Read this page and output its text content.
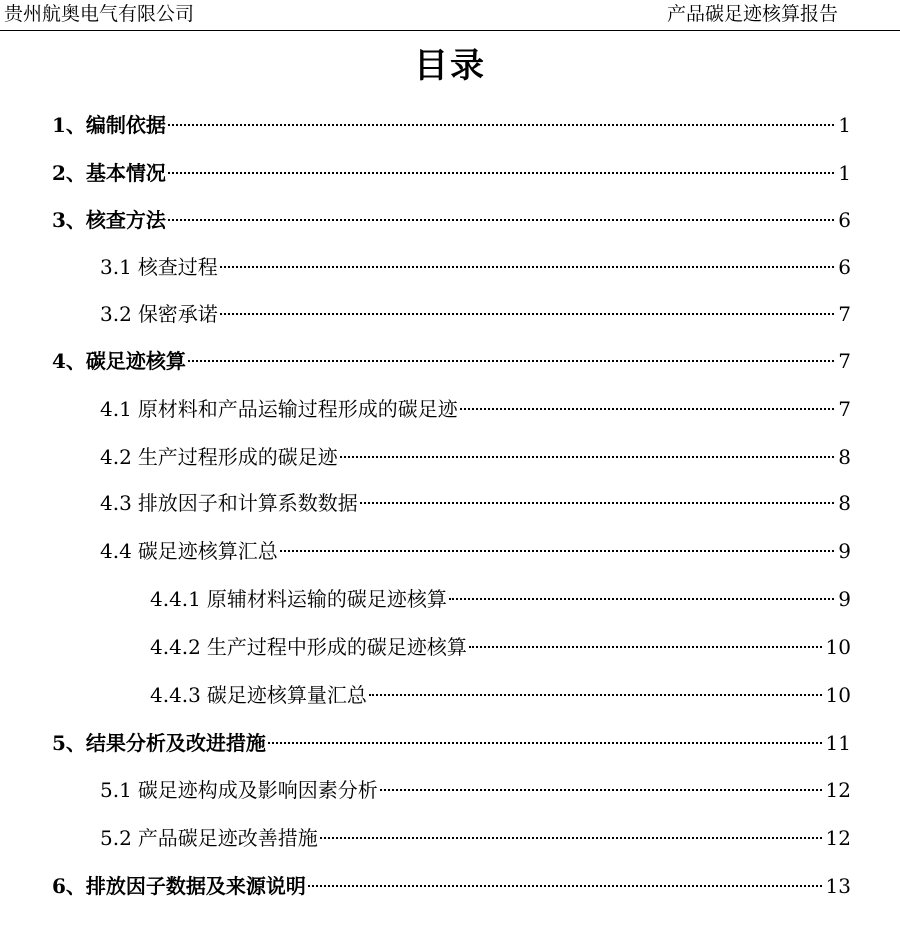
贵州航奥电气有限公司	产品碳足迹核算报告
目录
1、 编制依据	1
2、 基本情况	1
3、 核查方法	6
3.1 核查过程	6
3.2 保密承诺	7
4、 碳足迹核算	7
4.1 原材料和产品运输过程形成的碳足迹	7
4.2 生产过程形成的碳足迹	8
4.3 排放因子和计算系数数据	8
4.4 碳足迹核算汇总	9
4.4.1 原辅材料运输的碳足迹核算	9
4.4.2 生产过程中形成的碳足迹核算	10
4.4.3 碳足迹核算量汇总	10
5、 结果分析及改进措施	11
5.1 碳足迹构成及影响因素分析	12
5.2 产品碳足迹改善措施	12
6、 排放因子数据及来源说明	13
